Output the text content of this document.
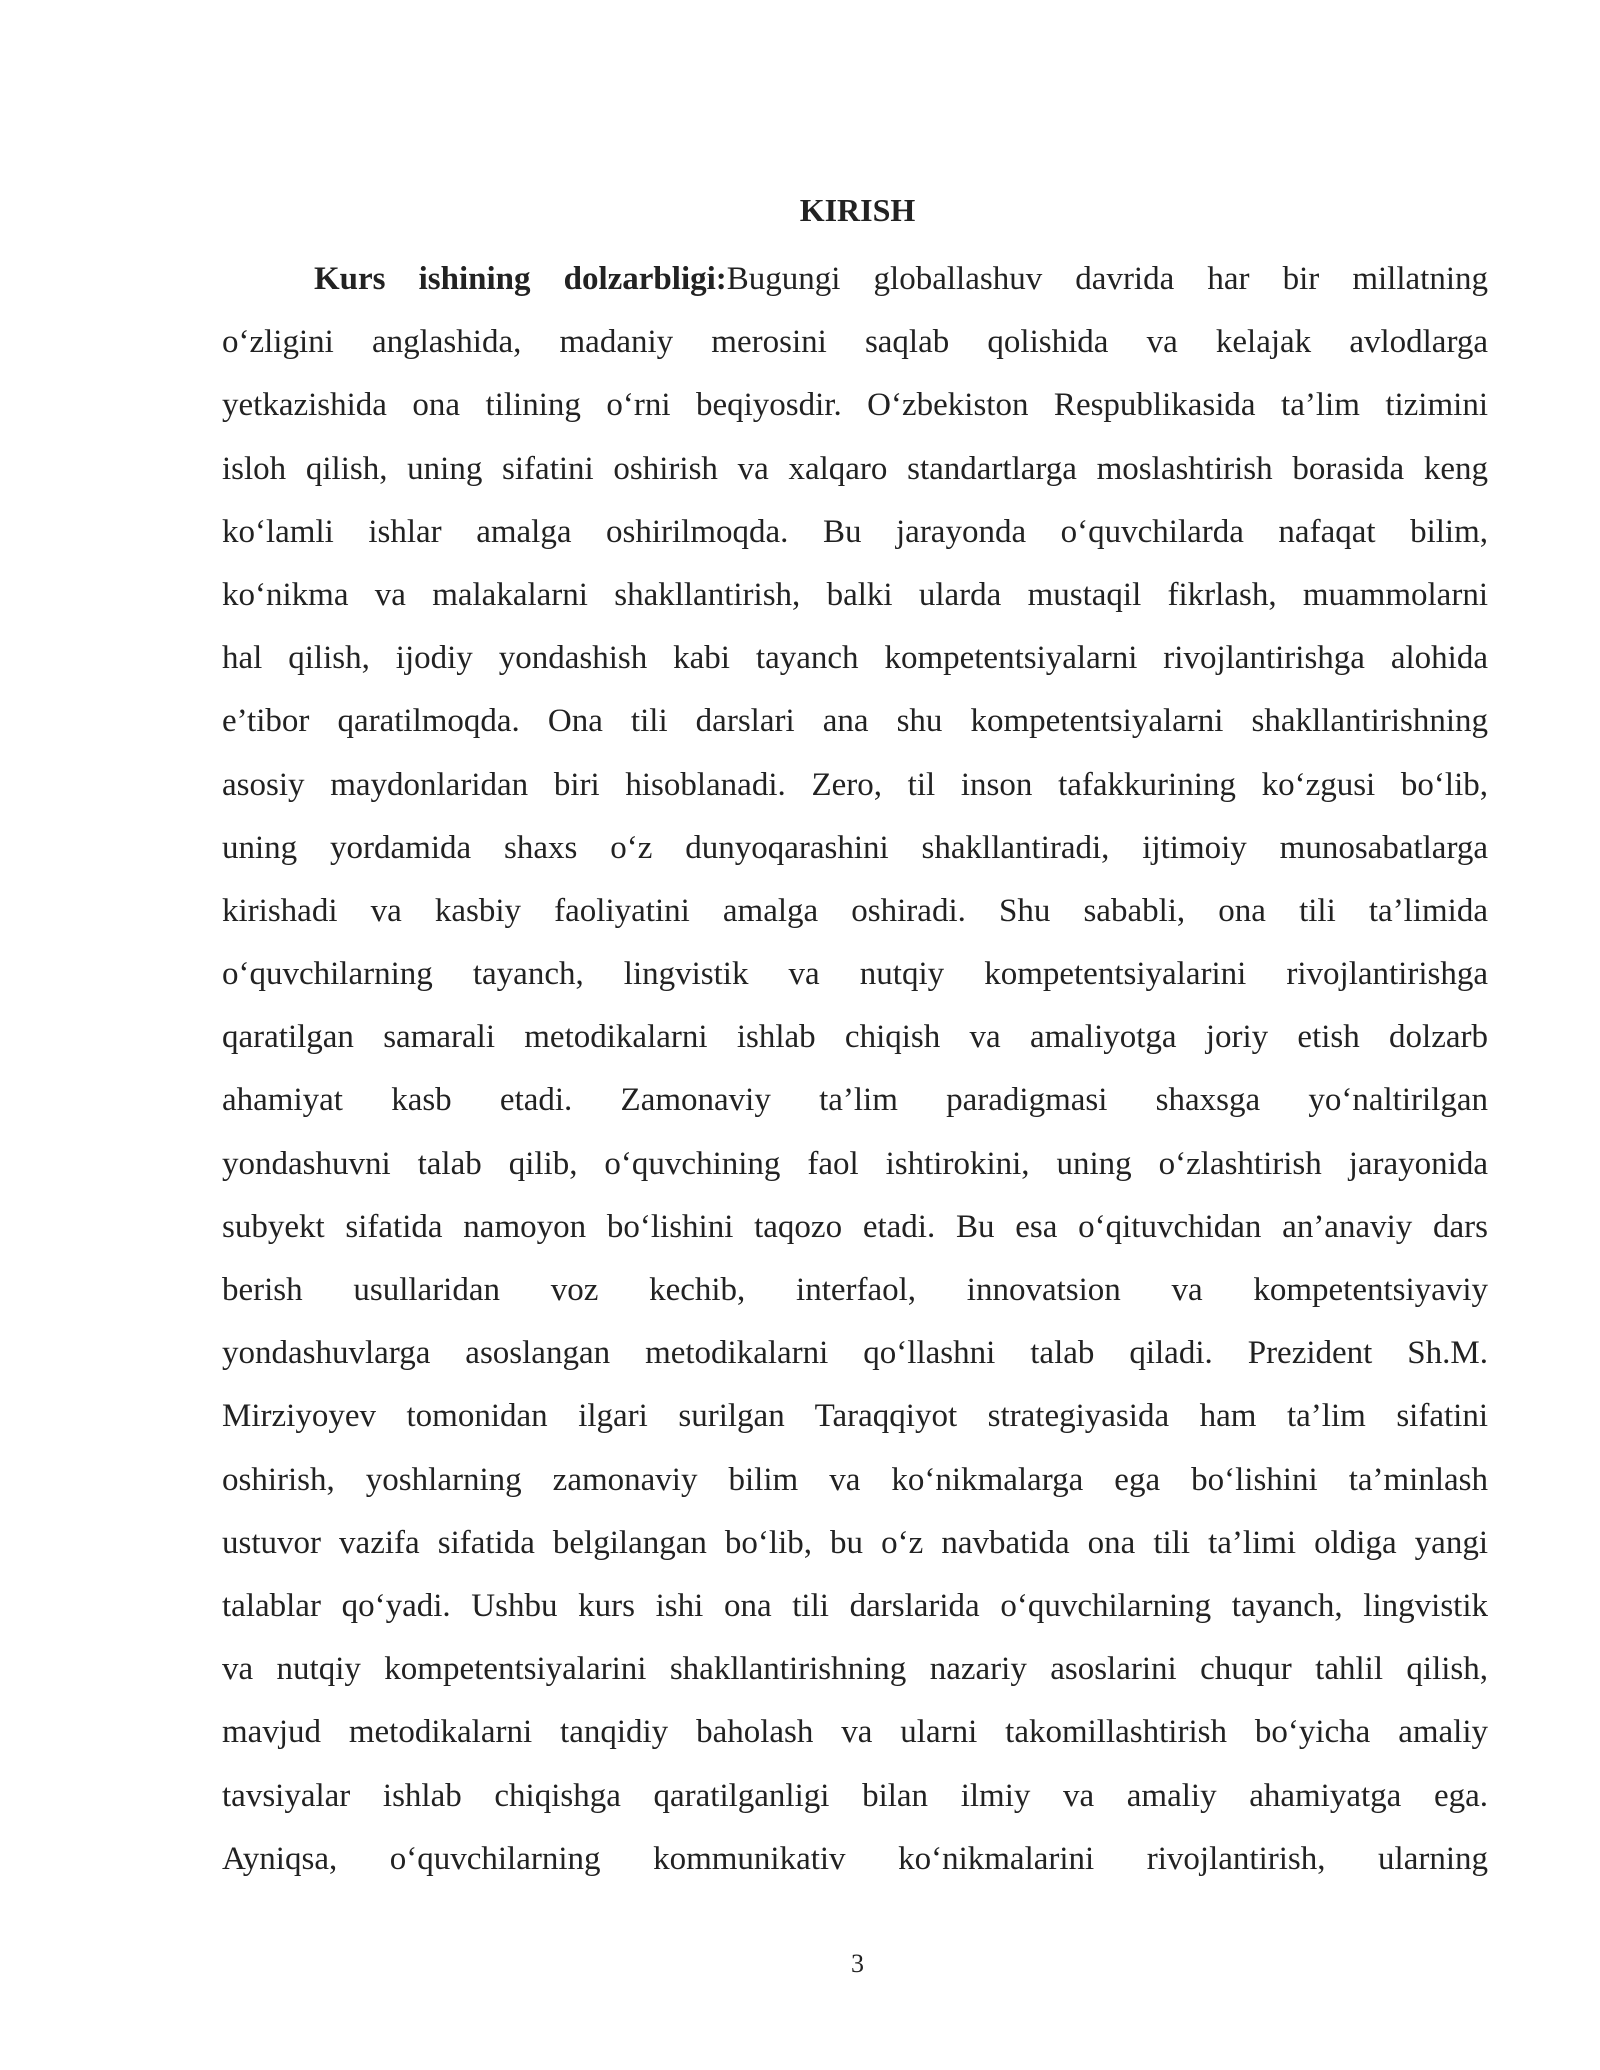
KIRISH
Kurs ishining dolzarbligi:Bugungi globallashuv davrida har bir millatning
o‘zligini anglashida, madaniy merosini saqlab qolishida va kelajak avlodlarga
yetkazishida ona tilining o‘rni beqiyosdir. O‘zbekiston Respublikasida ta’lim tizimini
isloh qilish, uning sifatini oshirish va xalqaro standartlarga moslashtirish borasida keng
ko‘lamli ishlar amalga oshirilmoqda. Bu jarayonda o‘quvchilarda nafaqat bilim,
ko‘nikma va malakalarni shakllantirish, balki ularda mustaqil fikrlash, muammolarni
hal qilish, ijodiy yondashish kabi tayanch kompetentsiyalarni rivojlantirishga alohida
e’tibor qaratilmoqda. Ona tili darslari ana shu kompetentsiyalarni shakllantirishning
asosiy maydonlaridan biri hisoblanadi. Zero, til inson tafakkurining ko‘zgusi bo‘lib,
uning yordamida shaxs o‘z dunyoqarashini shakllantiradi, ijtimoiy munosabatlarga
kirishadi va kasbiy faoliyatini amalga oshiradi. Shu sababli, ona tili ta’limida
o‘quvchilarning tayanch, lingvistik va nutqiy kompetentsiyalarini rivojlantirishga
qaratilgan samarali metodikalarni ishlab chiqish va amaliyotga joriy etish dolzarb
ahamiyat kasb etadi. Zamonaviy ta’lim paradigmasi shaxsga yo‘naltirilgan
yondashuvni talab qilib, o‘quvchining faol ishtirokini, uning o‘zlashtirish jarayonida
subyekt sifatida namoyon bo‘lishini taqozo etadi. Bu esa o‘qituvchidan an’anaviy dars
berish usullaridan voz kechib, interfaol, innovatsion va kompetentsiyaviy
yondashuvlarga asoslangan metodikalarni qo‘llashni talab qiladi. Prezident Sh.M.
Mirziyoyev tomonidan ilgari surilgan Taraqqiyot strategiyasida ham ta’lim sifatini
oshirish, yoshlarning zamonaviy bilim va ko‘nikmalarga ega bo‘lishini ta’minlash
ustuvor vazifa sifatida belgilangan bo‘lib, bu o‘z navbatida ona tili ta’limi oldiga yangi
talablar qo‘yadi. Ushbu kurs ishi ona tili darslarida o‘quvchilarning tayanch, lingvistik
va nutqiy kompetentsiyalarini shakllantirishning nazariy asoslarini chuqur tahlil qilish,
mavjud metodikalarni tanqidiy baholash va ularni takomillashtirish bo‘yicha amaliy
tavsiyalar ishlab chiqishga qaratilganligi bilan ilmiy va amaliy ahamiyatga ega.
Ayniqsa, o‘quvchilarning kommunikativ ko‘nikmalarini rivojlantirish, ularning

3
